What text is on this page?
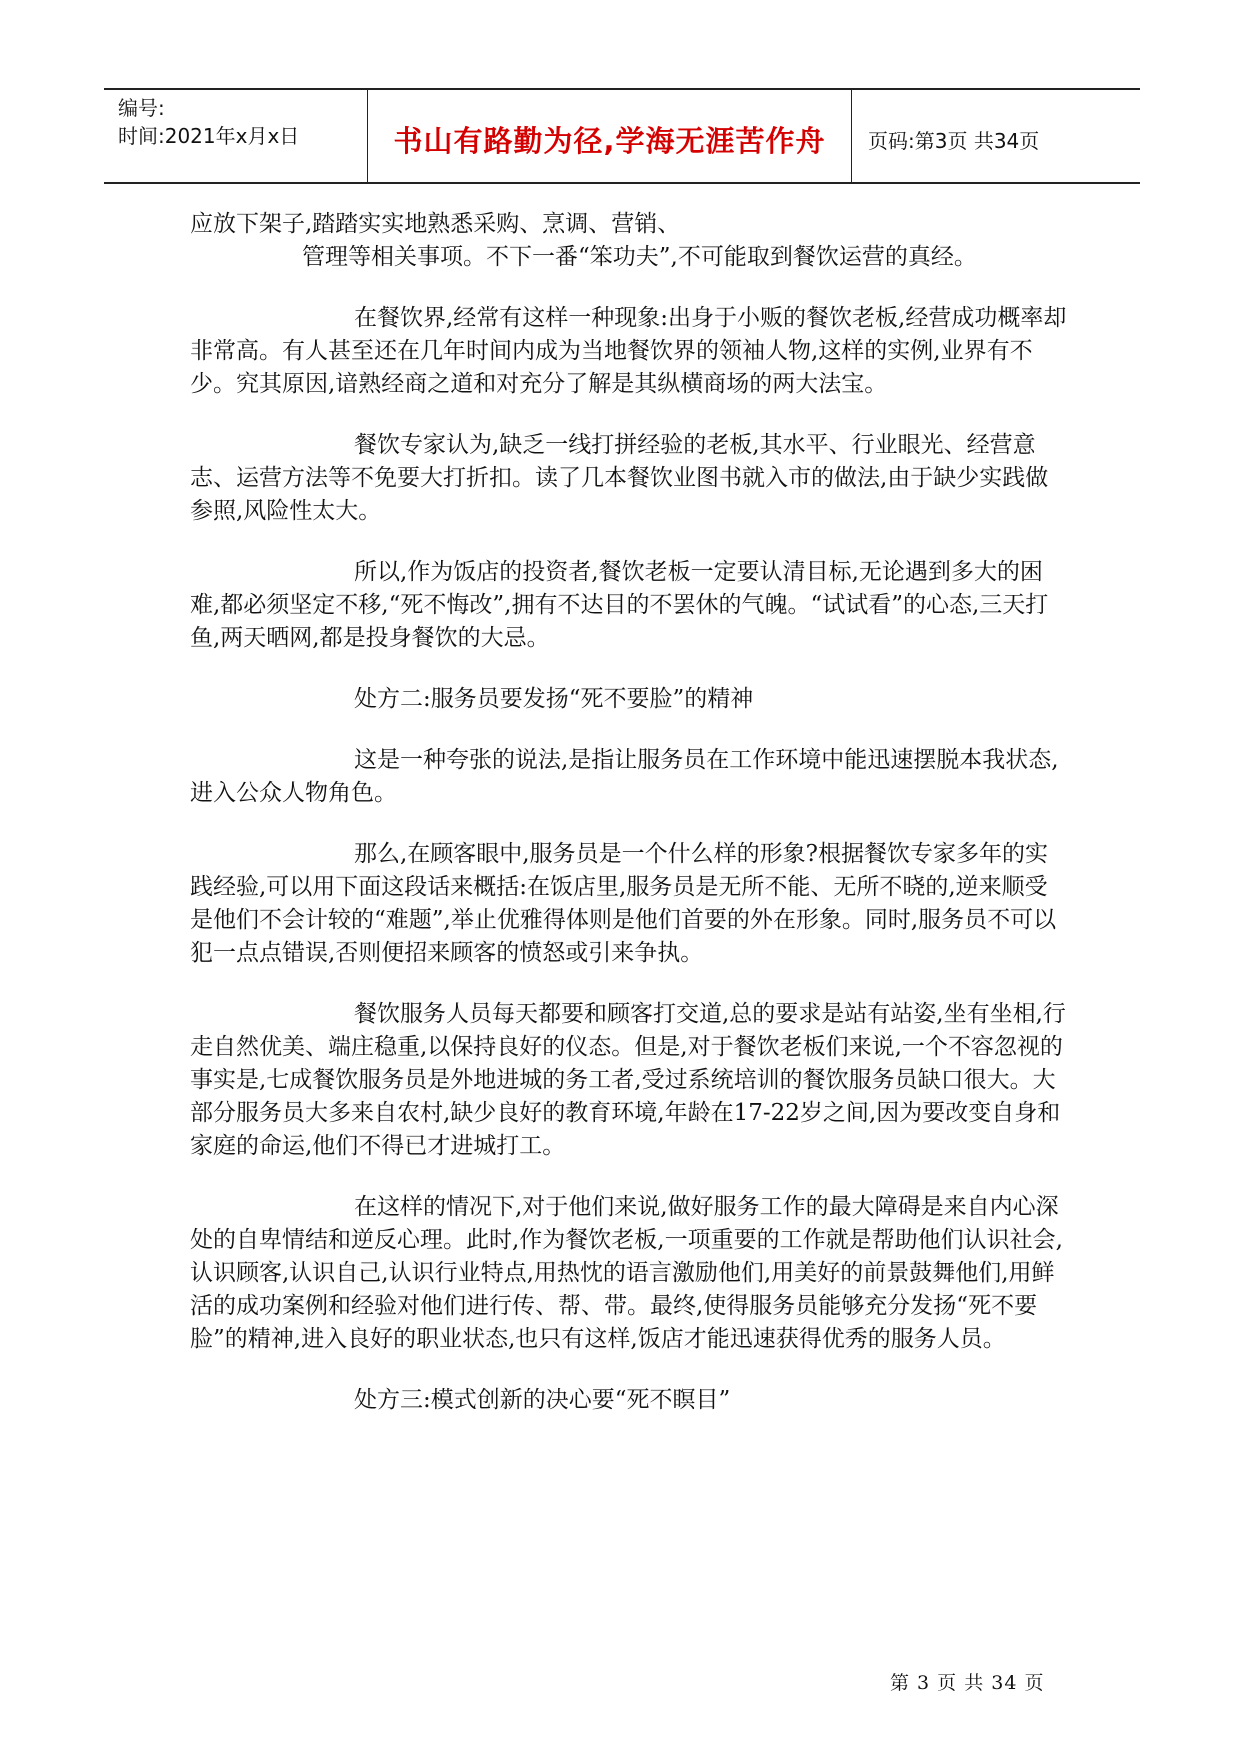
编号:
时间:2021年x月x日	书山有路勤为径,学海无涯苦作舟	页码:第3页 共34页

应放下架子,踏踏实实地熟悉采购、烹调、营销、

管理等相关事项。不下一番“笨功夫”,不可能取到餐饮运营的真经。

在餐饮界,经常有这样一种现象:出身于小贩的餐饮老板,经营成功概率却非常高。有人甚至还在几年时间内成为当地餐饮界的领袖人物,这样的实例,业界有不少。究其原因,谙熟经商之道和对充分了解是其纵横商场的两大法宝。

餐饮专家认为,缺乏一线打拼经验的老板,其水平、行业眼光、经营意志、运营方法等不免要大打折扣。读了几本餐饮业图书就入市的做法,由于缺少实践做参照,风险性太大。

所以,作为饭店的投资者,餐饮老板一定要认清目标,无论遇到多大的困难,都必须坚定不移,“死不悔改”,拥有不达目的不罢休的气魄。“试试看”的心态,三天打鱼,两天晒网,都是投身餐饮的大忌。

处方二:服务员要发扬“死不要脸”的精神

这是一种夸张的说法,是指让服务员在工作环境中能迅速摆脱本我状态,进入公众人物角色。

那么,在顾客眼中,服务员是一个什么样的形象?根据餐饮专家多年的实践经验,可以用下面这段话来概括:在饭店里,服务员是无所不能、无所不晓的,逆来顺受是他们不会计较的“难题”,举止优雅得体则是他们首要的外在形象。同时,服务员不可以犯一点点错误,否则便招来顾客的愤怒或引来争执。

餐饮服务人员每天都要和顾客打交道,总的要求是站有站姿,坐有坐相,行走自然优美、端庄稳重,以保持良好的仪态。但是,对于餐饮老板们来说,一个不容忽视的事实是,七成餐饮服务员是外地进城的务工者,受过系统培训的餐饮服务员缺口很大。大部分服务员大多来自农村,缺少良好的教育环境,年龄在17-22岁之间,因为要改变自身和家庭的命运,他们不得已才进城打工。

在这样的情况下,对于他们来说,做好服务工作的最大障碍是来自内心深处的自卑情结和逆反心理。此时,作为餐饮老板,一项重要的工作就是帮助他们认识社会,认识顾客,认识自己,认识行业特点,用热忱的语言激励他们,用美好的前景鼓舞他们,用鲜活的成功案例和经验对他们进行传、帮、带。最终,使得服务员能够充分发扬“死不要脸”的精神,进入良好的职业状态,也只有这样,饭店才能迅速获得优秀的服务人员。

处方三:模式创新的决心要“死不瞑目”

第 3 页 共 34 页
